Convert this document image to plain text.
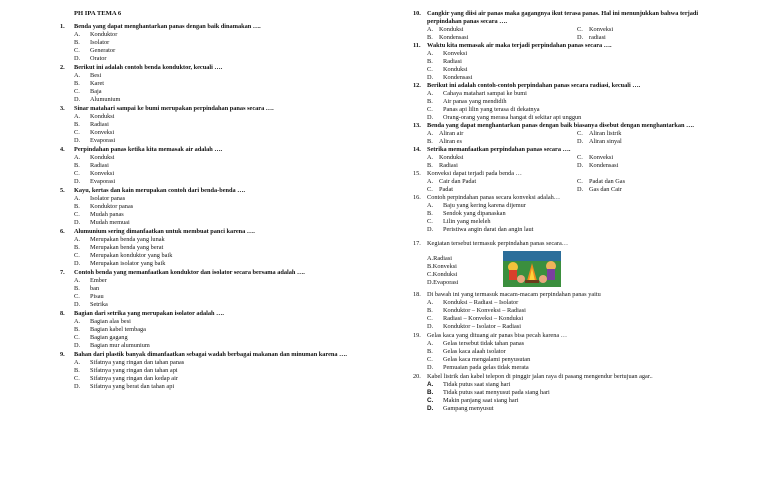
PH IPA TEMA 6
1.	Benda yang dapat menghantarkan panas dengan baik dinamakan ….
A.	Konduktor
B.	Isolator
C.	Generator
D.	Orator
2.	Berikut ini adalah contoh benda konduktor, kecuali ….
A.	Besi
B.	Karet
C.	Baja
D.	Alumunium
3.	Sinar matahari sampai ke bumi merupakan perpindahan panas secara ….
A.	Konduksi
B.	Radiasi
C.	Konveksi
D.	Evaporasi
4.	Perpindahan panas ketika kita memasak air adalah ….
A.	Konduksi
B.	Radiasi
C.	Konveksi
D.	Evaporasi
5.	Kayu, kertas dan kain merupakan contoh dari benda-benda ….
A.	Isolator panas
B.	Konduktor panas
C.	Mudah panas
D.	Mudah memuai
6.	Alumunium sering dimanfaatkan untuk membuat panci karena ….
A.	Merupakan benda yang lunak
B.	Merupakan benda yang berat
C.	Merupakan konduktor yang baik
D.	Merupakan isolator yang baik
7.	Contoh benda yang memanfaatkan konduktor dan isolator secara bersama adalah ….
A.	Ember
B.	ban
C.	Pisau
D.	Setrika
8.	Bagian dari setrika yang merupakan isolator adalah ….
A.	Bagian alas besi
B.	Bagian kabel tembaga
C.	Bagian gagang
D.	Bagian mur alumunium
9.	Bahan dari plastik banyak dimanfaatkan sebagai wadah berbagai makanan dan minuman karena ….
A.	Sifatnya yang ringan dan tahan panas
B.	Sifatnya yang ringan dan tahan api
C.	Sifatnya yang ringan dan kedap air
D.	Sifatnya yang berat dan tahan api
10. Cangkir yang diisi air panas maka gagangnya ikut terasa panas. Hal ini menunjukkan bahwa terjadi perpindahan panas secara ….
A. Konduksi	C. Konveksi
B. Kondensasi	D. radiasi
11.	Waktu kita memasak air maka terjadi perpindahan panas secara ….
A.	Konveksi
B.	Radiasi
C.	Konduksi
D.	Kondensasi
12. Berikut ini adalah contoh-contoh perpindahan panas secara radiasi, kecuali ….
A.	Cahaya matahari sampai ke bumi
B.	Air panas yang mendidih
C.	Panas api lilin yang terasa di dekatnya
D.	Orang-orang yang merasa hangat di sekitar api unggun
13. Benda yang dapat menghantarkan panas dengan baik biasanya disebut dengan menghantarkan ….
A. Aliran air	C. Aliran listrik
B. Aliran es	D. Aliran sinyal
14. Setrika memanfaatkan perpindahan panas secara ….
A. Konduksi	C. Konveksi
B. Radiasi	D. Kondensasi
15. Konveksi dapat terjadi pada benda …
A. Cair dan Padat	C. Padat dan Gas
C. Padat	D. Gas dan Cair
16. Contoh perpindahan panas secara konveksi adalah…
A.	Baju yang kering karena dijemur
B.	Sendok yang dipanaskan
C.	Lilin yang meleleh
D.	Peristiwa angin darat dan angin laut
17. Kegiatan tersebut termasuk perpindahan panas secara…
A. Radiasi
B. Konveksi
C. Konduksi
D. Evaporasi
18. Di bawah ini yang termasuk macam-macam perpindahan panas yaitu
A.	Konduksi – Radiasi – Isolator
B.	Konduktor – Konveksi – Radiasi
C.	Radiasi – Konveksi – Konduksi
D.	Konduktor – Isolator – Radiasi
19. Gelas kaca yang dituang air panas bisa pecah karena …
A.	Gelas tersebut tidak tahan panas
B.	Gelas kaca alaah isolator
C.	Gelas kaca mengalami penyusutan
D.	Pemuaian pada gelas tidak merata
20. Kabel listrik dan kabel telepon di pinggir jalan raya di pasang mengendur bertujuan agar..
A.	Tidak putus saat siang hari
B.	Tidak putus saat menyusut pada siang hari
C.	Makin panjang saat siang hari
D.	Gampang menyusut
